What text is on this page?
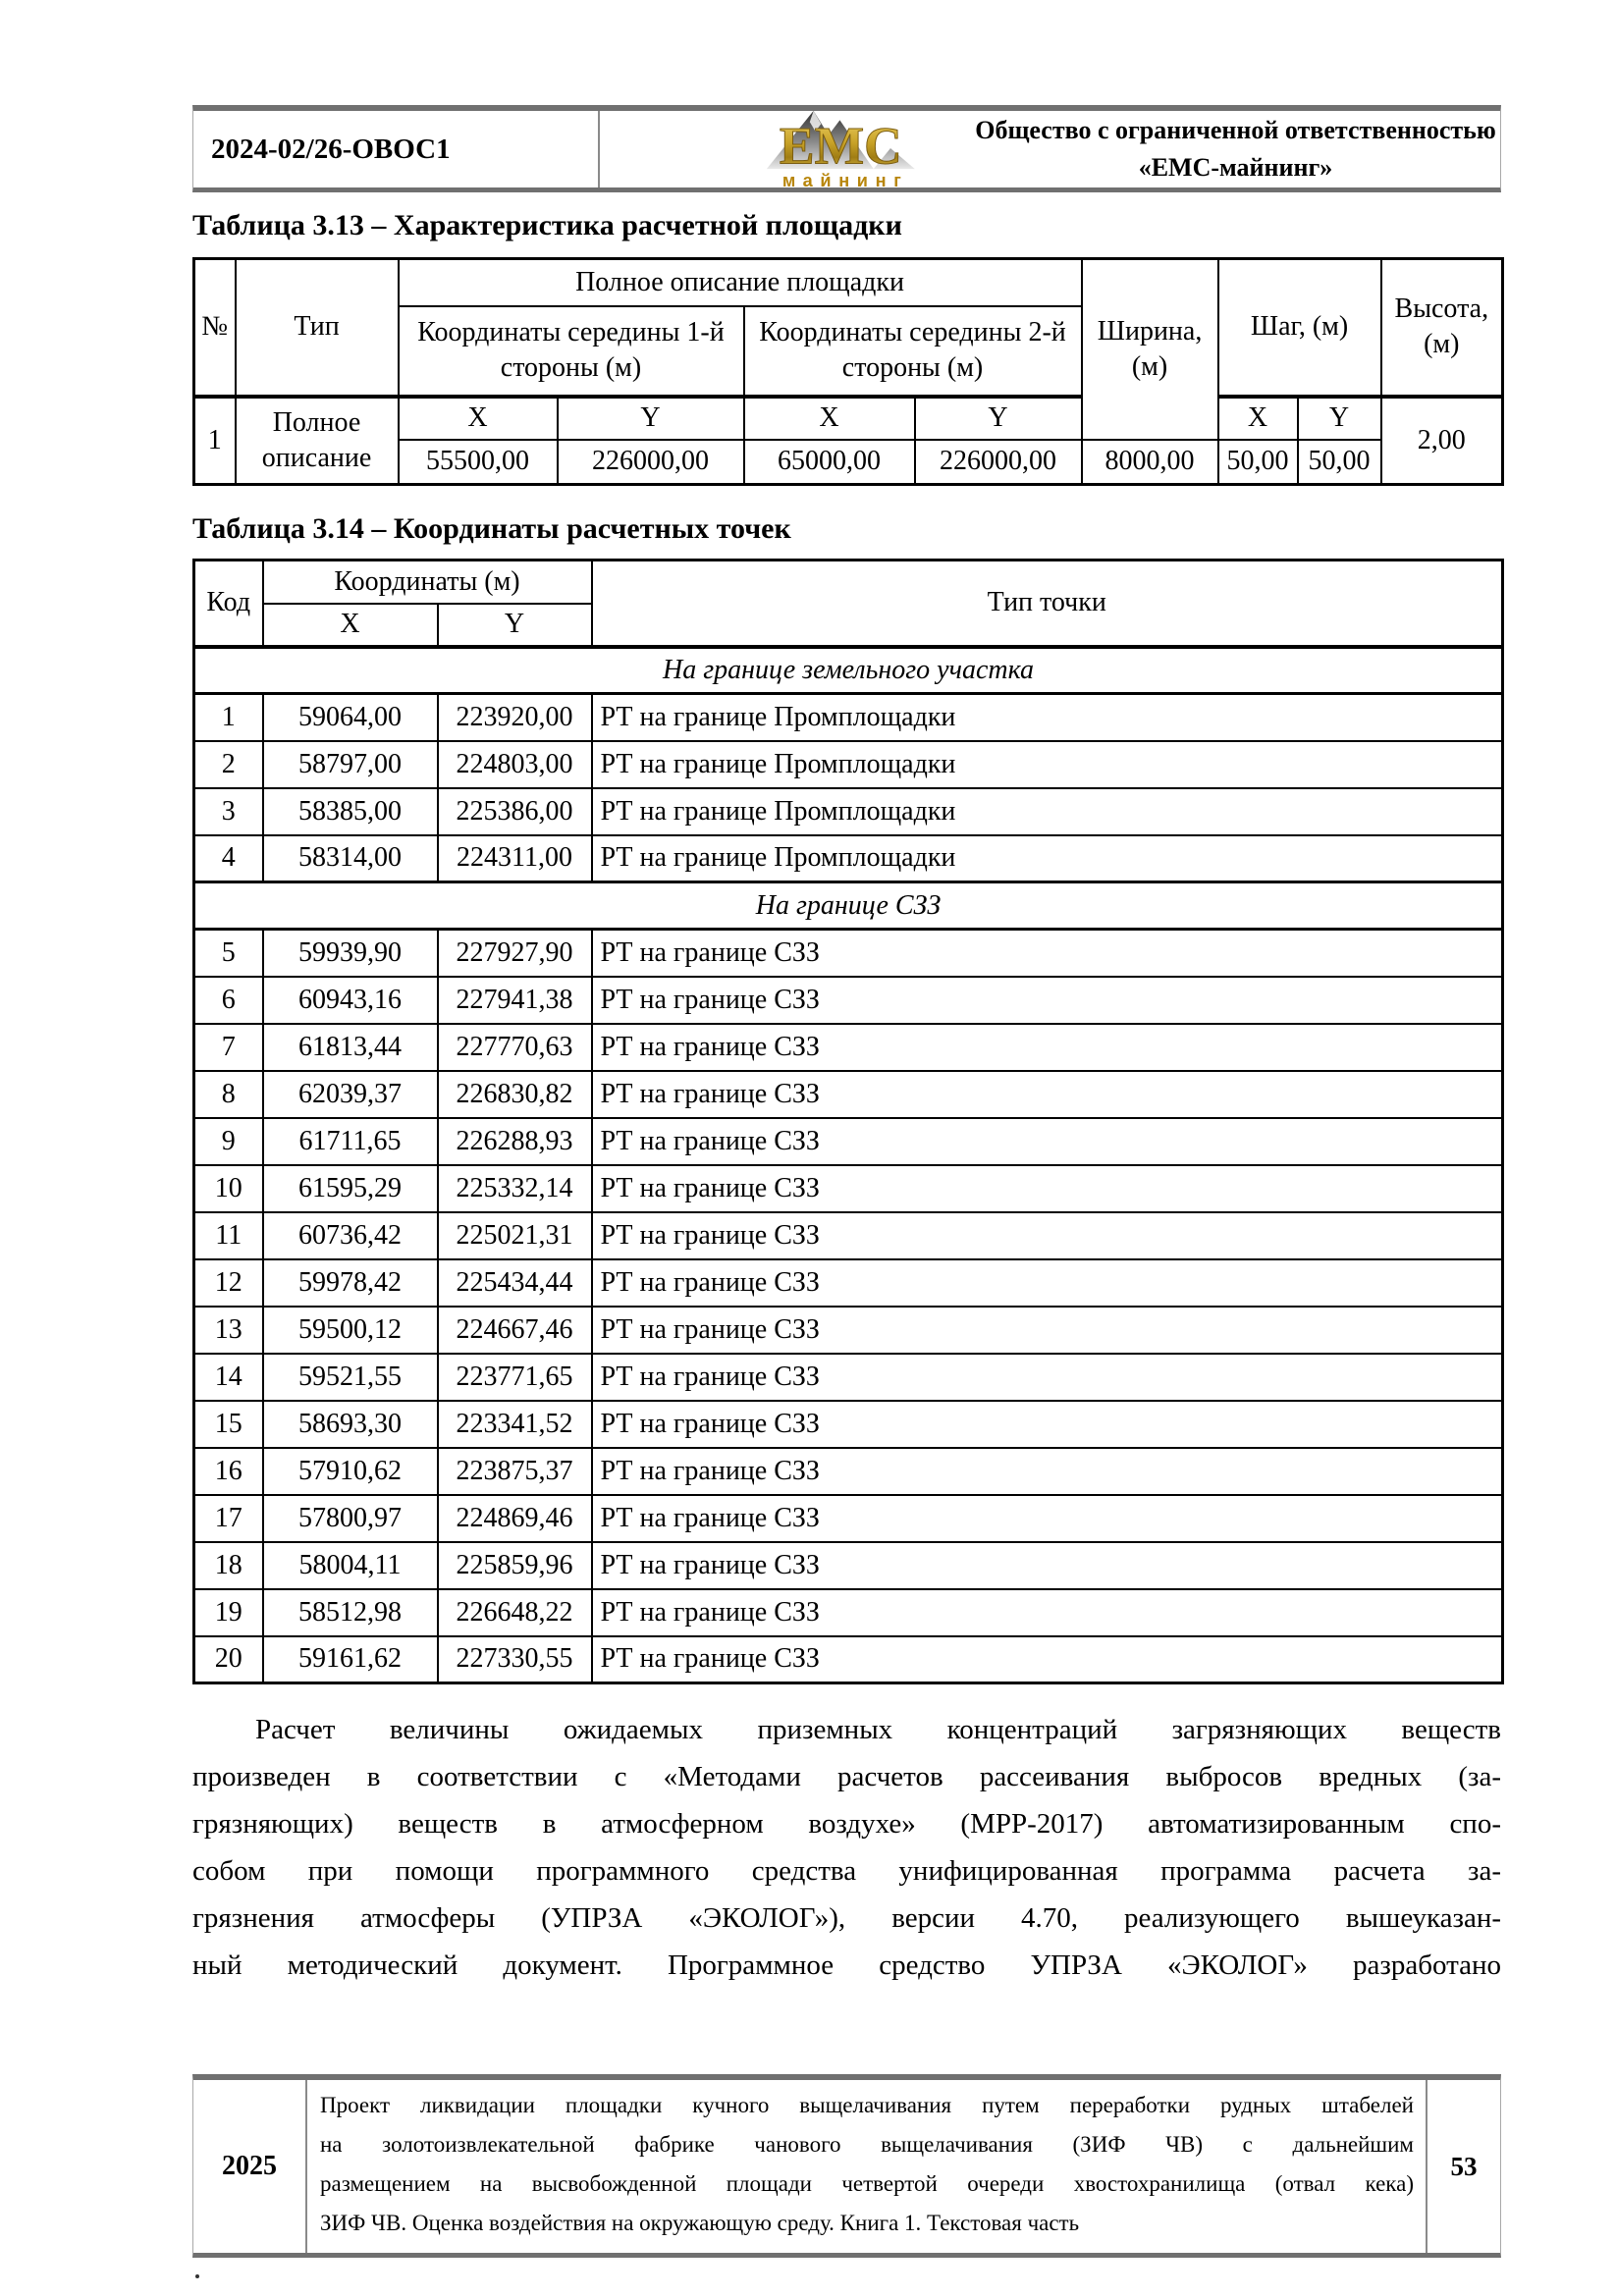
2024-02/26-ОВОС1	ЕМС
майнинг
Общество с ограниченной ответственностью
«ЕМС-майнинг»
Таблица 3.13 – Характеристика расчетной площадки
№	Тип	Полное описание площадки				Ширина, (м)	Шаг, (м)		Высота, (м)
		Координаты середины 1-й стороны (м)		Координаты середины 2-й стороны (м)					
1	Полное описание	X	Y	X	Y		X	Y	2,00
		55500,00	226000,00	65000,00	226000,00	8000,00	50,00	50,00	
Таблица 3.14 – Координаты расчетных точек
Код	Координаты (м)		Тип точки
	X	Y	
На границе земельного участка			
1	59064,00	223920,00	РТ на границе Промплощадки
2	58797,00	224803,00	РТ на границе Промплощадки
3	58385,00	225386,00	РТ на границе Промплощадки
4	58314,00	224311,00	РТ на границе Промплощадки
На границе СЗЗ			
5	59939,90	227927,90	РТ на границе СЗЗ
6	60943,16	227941,38	РТ на границе СЗЗ
7	61813,44	227770,63	РТ на границе СЗЗ
8	62039,37	226830,82	РТ на границе СЗЗ
9	61711,65	226288,93	РТ на границе СЗЗ
10	61595,29	225332,14	РТ на границе СЗЗ
11	60736,42	225021,31	РТ на границе СЗЗ
12	59978,42	225434,44	РТ на границе СЗЗ
13	59500,12	224667,46	РТ на границе СЗЗ
14	59521,55	223771,65	РТ на границе СЗЗ
15	58693,30	223341,52	РТ на границе СЗЗ
16	57910,62	223875,37	РТ на границе СЗЗ
17	57800,97	224869,46	РТ на границе СЗЗ
18	58004,11	225859,96	РТ на границе СЗЗ
19	58512,98	226648,22	РТ на границе СЗЗ
20	59161,62	227330,55	РТ на границе СЗЗ
Расчет величины ожидаемых приземных концентраций загрязняющих веществ
произведен в соответствии с «Методами расчетов рассеивания выбросов вредных (за-
грязняющих) веществ в атмосферном воздухе» (МРР-2017) автоматизированным спо-
собом при помощи программного средства унифицированная программа расчета за-
грязнения атмосферы (УПРЗА «ЭКОЛОГ»), версии 4.70, реализующего вышеуказан-
ный методический документ. Программное средство УПРЗА «ЭКОЛОГ» разработано
2025
Проект ликвидации площадки кучного выщелачивания путем переработки рудных штабелей
на золотоизвлекательной фабрике чанового выщелачивания (ЗИФ ЧВ) с дальнейшим
размещением на высвобожденной площади четвертой очереди хвостохранилища (отвал кека)
ЗИФ ЧВ. Оценка воздействия на окружающую среду. Книга 1. Текстовая часть
53
